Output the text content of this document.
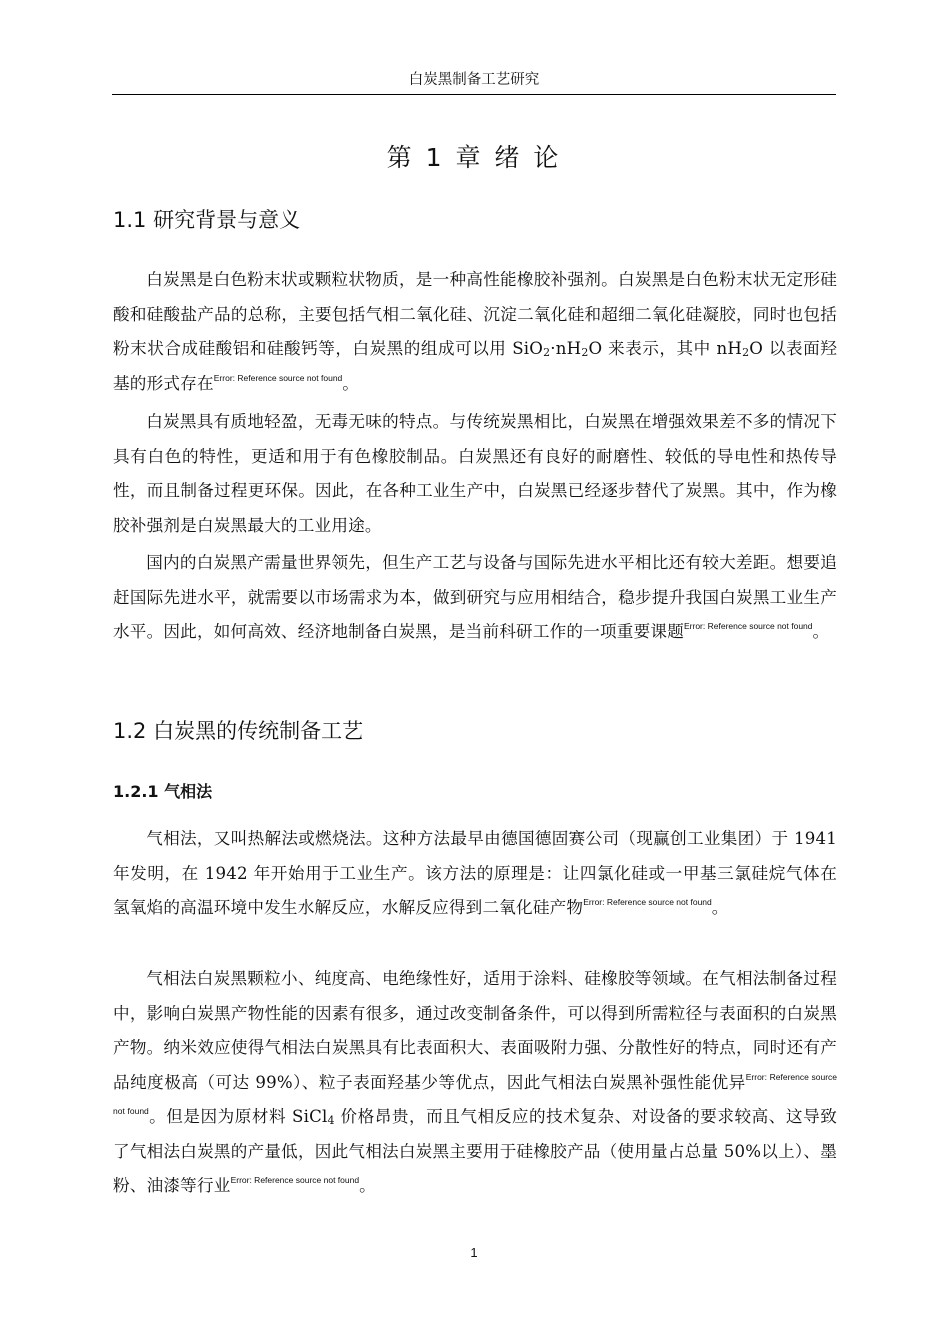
白炭黑制备工艺研究
第 1 章 绪 论
1.1 研究背景与意义

白炭黑是白色粉末状或颗粒状物质，是一种高性能橡胶补强剂。白炭黑是白色粉末状无定形硅酸和硅酸盐产品的总称，主要包括气相二氧化硅、沉淀二氧化硅和超细二氧化硅凝胶，同时也包括粉末状合成硅酸铝和硅酸钙等，白炭黑的组成可以用 $SiO_2\cdot nH_2O$ 来表示，其中 $nH_2O$ 以表面羟基的形式存在$^{Error: Reference source not found}$。

白炭黑具有质地轻盈，无毒无味的特点。与传统炭黑相比，白炭黑在增强效果差不多的情况下具有白色的特性，更适和用于有色橡胶制品。白炭黑还有良好的耐磨性、较低的导电性和热传导性，而且制备过程更环保。因此，在各种工业生产中，白炭黑已经逐步替代了炭黑。其中，作为橡胶补强剂是白炭黑最大的工业用途。

国内的白炭黑产需量世界领先，但生产工艺与设备与国际先进水平相比还有较大差距。想要追赶国际先进水平，就需要以市场需求为本，做到研究与应用相结合，稳步提升我国白炭黑工业生产水平。因此，如何高效、经济地制备白炭黑，是当前科研工作的一项重要课题$^{Error: Reference source not found}$。

1.2 白炭黑的传统制备工艺
1.2.1 气相法

气相法，又叫热解法或燃烧法。这种方法最早由德国德固赛公司（现赢创工业集团）于 1941 年发明，在 1942 年开始用于工业生产。该方法的原理是：让四氯化硅或一甲基三氯硅烷气体在氢氧焰的高温环境中发生水解反应，水解反应得到二氧化硅产物$^{Error: Reference source not found}$。

气相法白炭黑颗粒小、纯度高、电绝缘性好，适用于涂料、硅橡胶等领域。在气相法制备过程中，影响白炭黑产物性能的因素有很多，通过改变制备条件，可以得到所需粒径与表面积的白炭黑产物。纳米效应使得气相法白炭黑具有比表面积大、表面吸附力强、分散性好的特点，同时还有产品纯度极高（可达 99%）、粒子表面羟基少等优点，因此气相法白炭黑补强性能优异$^{Error: Reference source not found}$。但是因为原材料 SiCl$_4$ 价格昂贵，而且气相反应的技术复杂、对设备的要求较高、这导致了气相法白炭黑的产量低，因此气相法白炭黑主要用于硅橡胶产品（使用量占总量 50%以上）、墨粉、油漆等行业$^{Error: Reference source not found}$。

1
